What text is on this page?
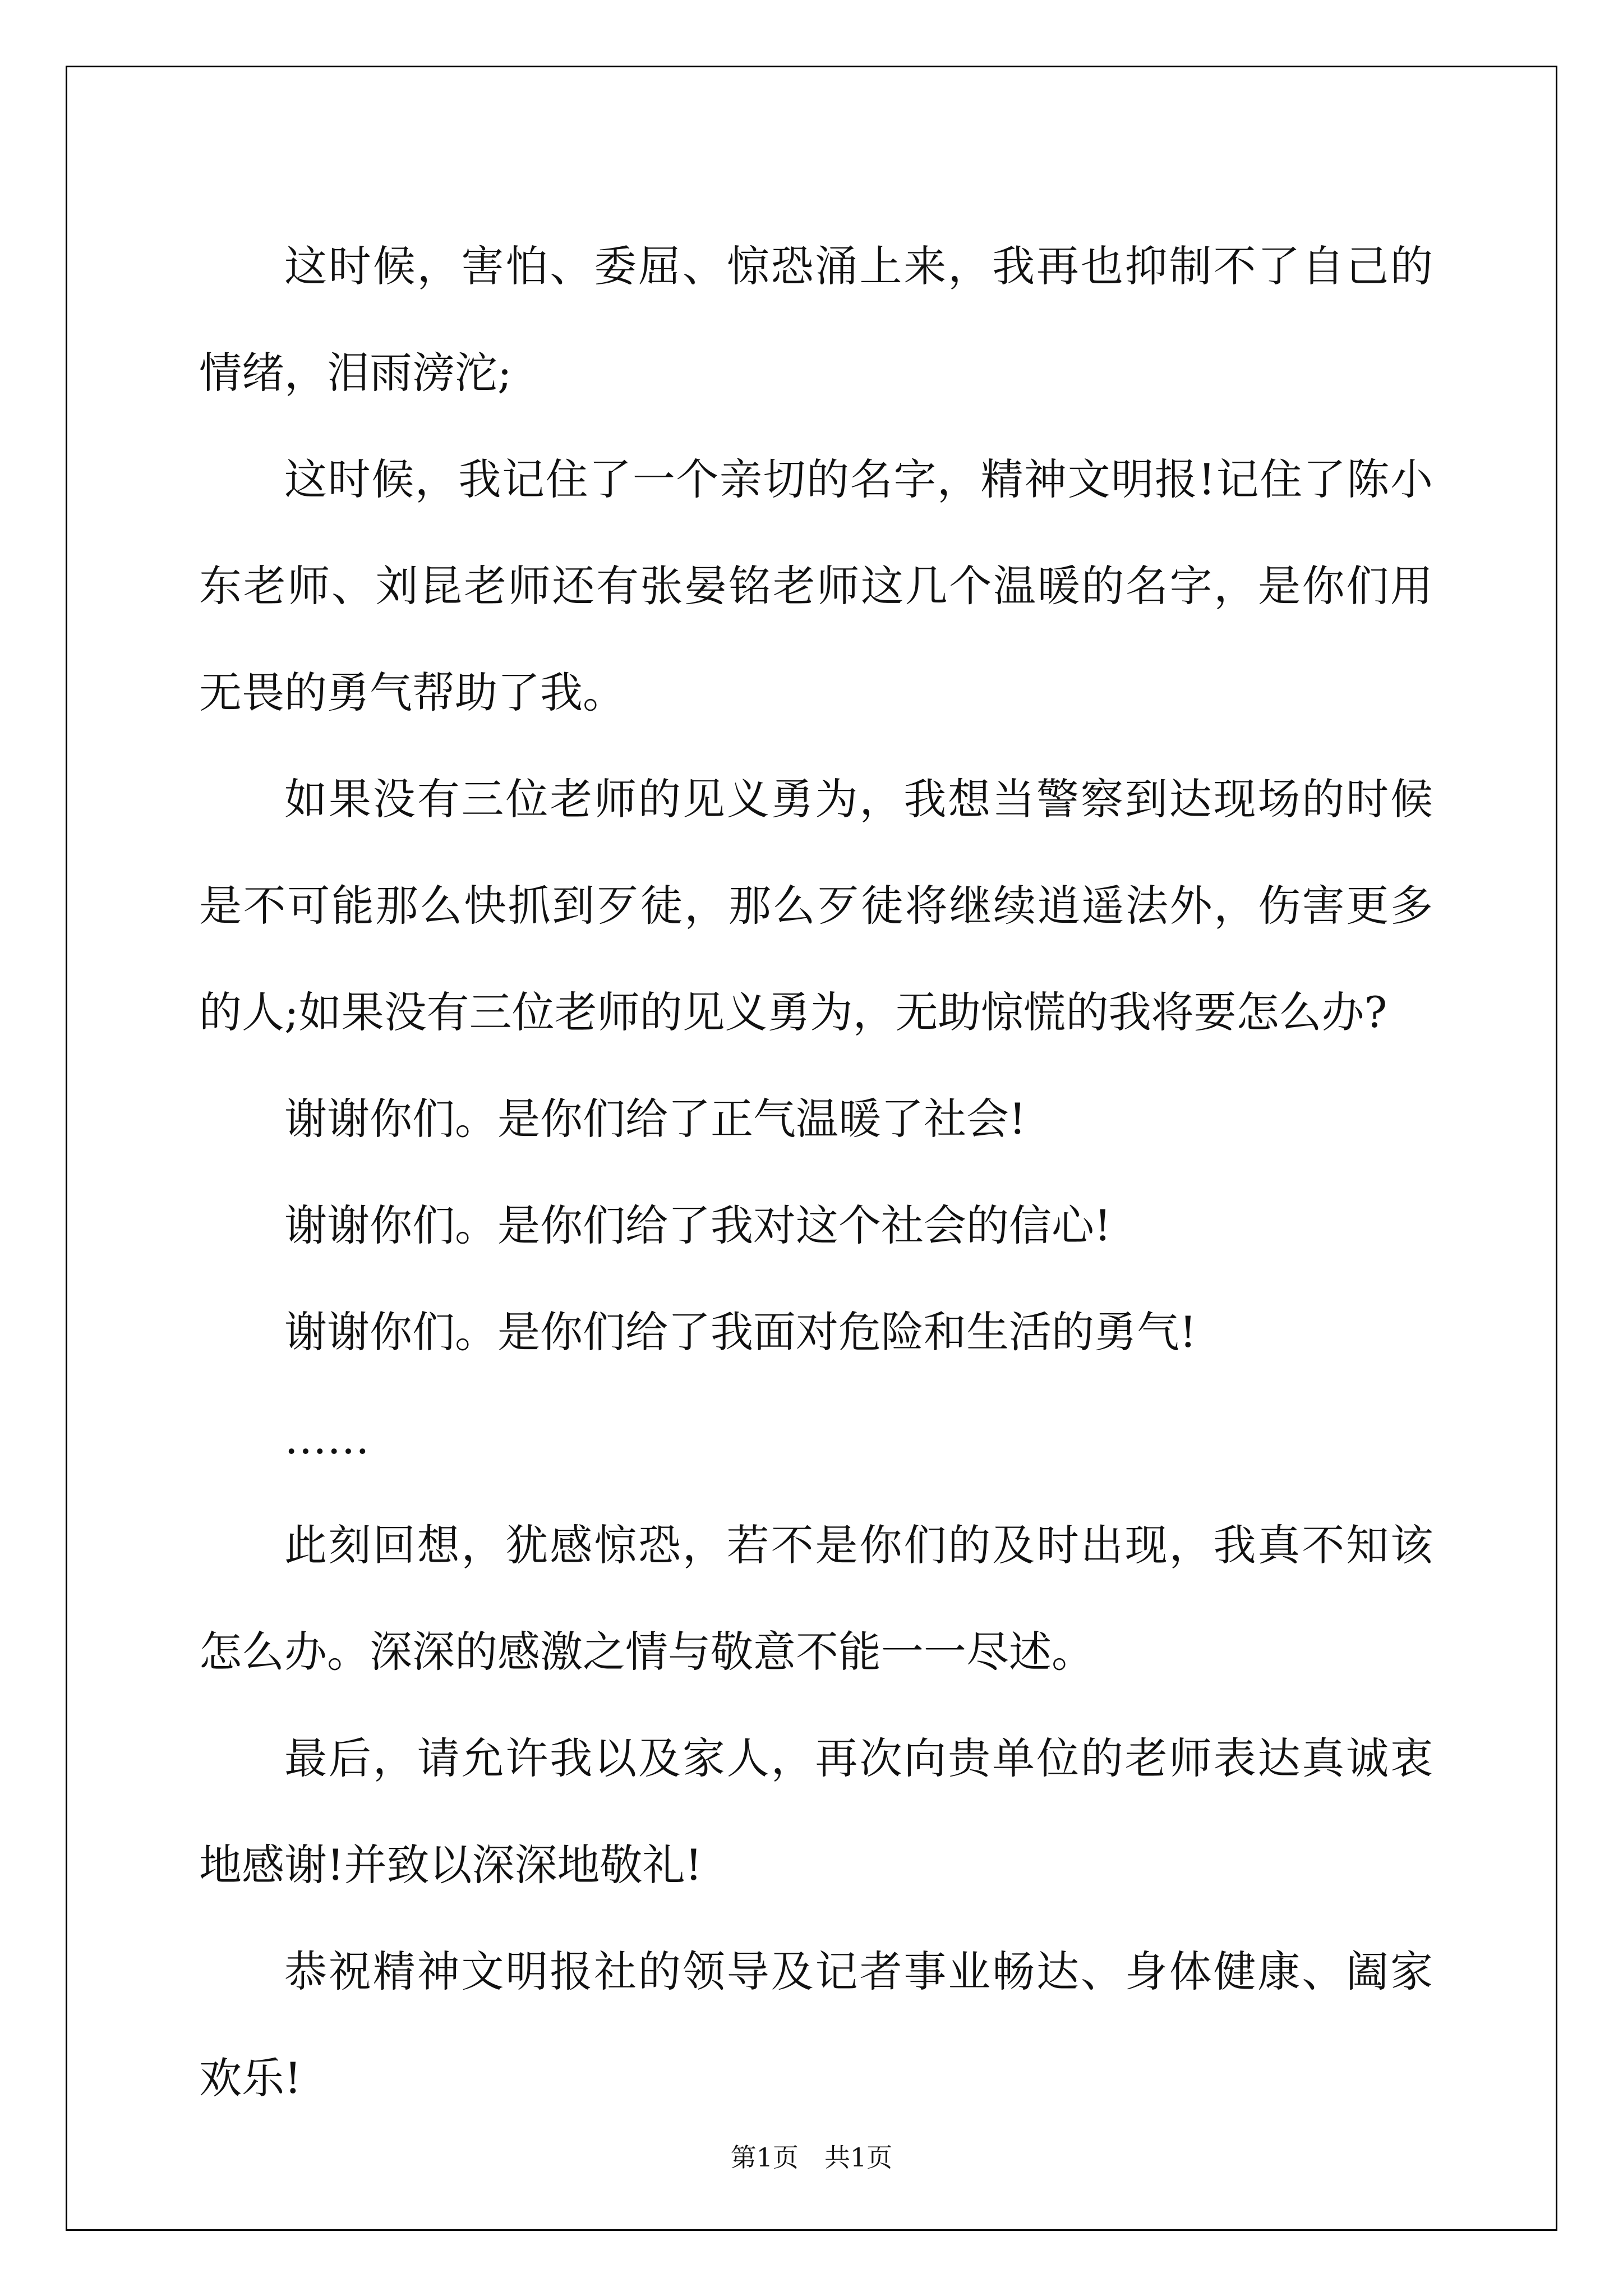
这时候，害怕、委屈、惊恐涌上来，我再也抑制不了自己的情绪，泪雨滂沱;

这时候，我记住了一个亲切的名字，精神文明报!记住了陈小东老师、刘昆老师还有张晏铭老师这几个温暖的名字，是你们用无畏的勇气帮助了我。

如果没有三位老师的见义勇为，我想当警察到达现场的时候是不可能那么快抓到歹徒，那么歹徒将继续逍遥法外，伤害更多的人;如果没有三位老师的见义勇为，无助惊慌的我将要怎么办?

谢谢你们。是你们给了正气温暖了社会!

谢谢你们。是你们给了我对这个社会的信心!

谢谢你们。是你们给了我面对危险和生活的勇气!

……

此刻回想，犹感惊恐，若不是你们的及时出现，我真不知该怎么办。深深的感激之情与敬意不能一一尽述。

最后，请允许我以及家人，再次向贵单位的老师表达真诚衷地感谢!并致以深深地敬礼!

恭祝精神文明报社的领导及记者事业畅达、身体健康、阖家欢乐!

第1页　共1页
